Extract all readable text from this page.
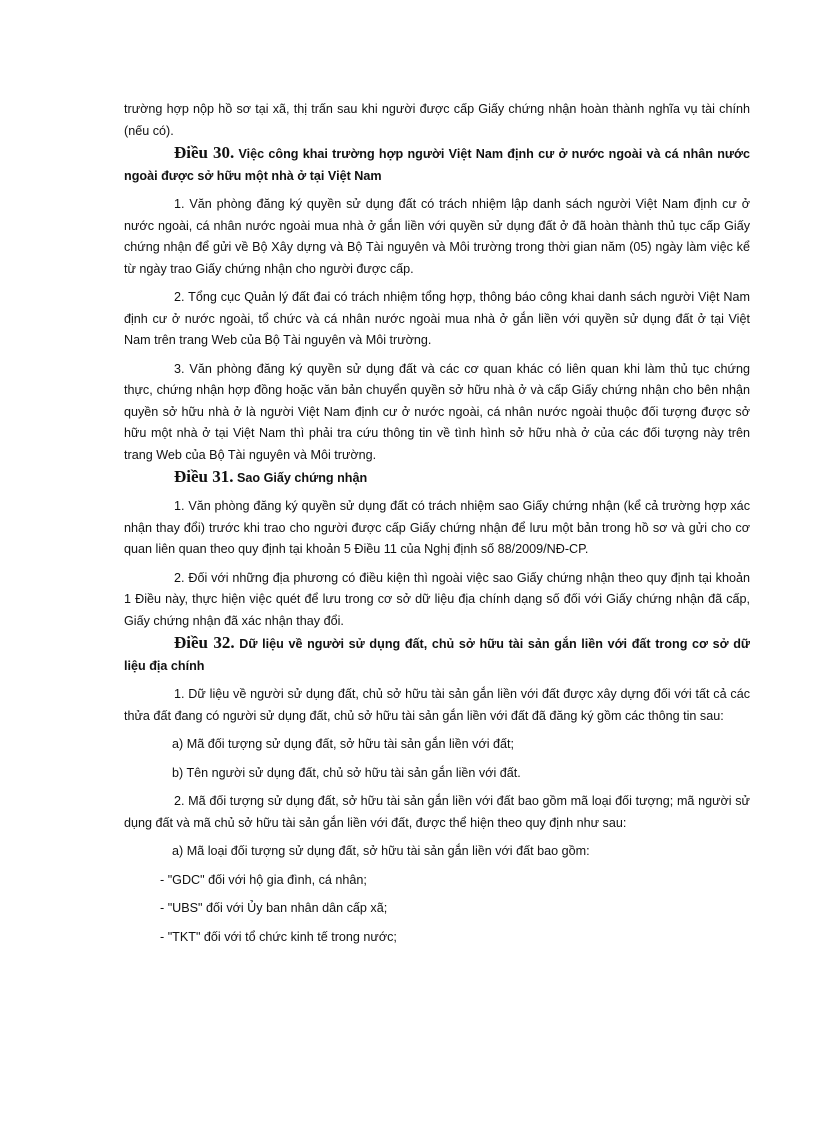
trường hợp nộp hồ sơ tại xã, thị trấn sau khi người được cấp Giấy chứng nhận hoàn thành nghĩa vụ tài chính (nếu có).

Điều 30. Việc công khai trường hợp người Việt Nam định cư ở nước ngoài và cá nhân nước ngoài được sở hữu một nhà ở tại Việt Nam

1. Văn phòng đăng ký quyền sử dụng đất có trách nhiệm lập danh sách người Việt Nam định cư ở nước ngoài, cá nhân nước ngoài mua nhà ở gắn liền với quyền sử dụng đất ở đã hoàn thành thủ tục cấp Giấy chứng nhận để gửi về Bộ Xây dựng và Bộ Tài nguyên và Môi trường trong thời gian năm (05) ngày làm việc kể từ ngày trao Giấy chứng nhận cho người được cấp.

2. Tổng cục Quản lý đất đai có trách nhiệm tổng hợp, thông báo công khai danh sách người Việt Nam định cư ở nước ngoài, tổ chức và cá nhân nước ngoài mua nhà ở gắn liền với quyền sử dụng đất ở tại Việt Nam trên trang Web của Bộ Tài nguyên và Môi trường.

3. Văn phòng đăng ký quyền sử dụng đất và các cơ quan khác có liên quan khi làm thủ tục chứng thực, chứng nhận hợp đồng hoặc văn bản chuyển quyền sở hữu nhà ở và cấp Giấy chứng nhận cho bên nhận quyền sở hữu nhà ở là người Việt Nam định cư ở nước ngoài, cá nhân nước ngoài thuộc đối tượng được sở hữu một nhà ở tại Việt Nam thì phải tra cứu thông tin về tình hình sở hữu nhà ở của các đối tượng này trên trang Web của Bộ Tài nguyên và Môi trường.

Điều 31. Sao Giấy chứng nhận

1. Văn phòng đăng ký quyền sử dụng đất có trách nhiệm sao Giấy chứng nhận (kể cả trường hợp xác nhận thay đổi) trước khi trao cho người được cấp Giấy chứng nhận để lưu một bản trong hồ sơ và gửi cho cơ quan liên quan theo quy định tại khoản 5 Điều 11 của Nghị định số 88/2009/NĐ-CP.

2. Đối với những địa phương có điều kiện thì ngoài việc sao Giấy chứng nhận theo quy định tại khoản 1 Điều này, thực hiện việc quét để lưu trong cơ sở dữ liệu địa chính dạng số đối với Giấy chứng nhận đã cấp, Giấy chứng nhận đã xác nhận thay đổi.

Điều 32. Dữ liệu về người sử dụng đất, chủ sở hữu tài sản gắn liền với đất trong cơ sở dữ liệu địa chính

1. Dữ liệu về người sử dụng đất, chủ sở hữu tài sản gắn liền với đất được xây dựng đối với tất cả các thửa đất đang có người sử dụng đất, chủ sở hữu tài sản gắn liền với đất đã đăng ký gồm các thông tin sau:

a) Mã đối tượng sử dụng đất, sở hữu tài sản gắn liền với đất;

b) Tên người sử dụng đất, chủ sở hữu tài sản gắn liền với đất.

2. Mã đối tượng sử dụng đất, sở hữu tài sản gắn liền với đất bao gồm mã loại đối tượng; mã người sử dụng đất và mã chủ sở hữu tài sản gắn liền với đất, được thể hiện theo quy định như sau:

a) Mã loại đối tượng sử dụng đất, sở hữu tài sản gắn liền với đất bao gồm:

- "GDC" đối với hộ gia đình, cá nhân;

- "UBS" đối với Ủy ban nhân dân cấp xã;

- "TKT" đối với tổ chức kinh tế trong nước;
